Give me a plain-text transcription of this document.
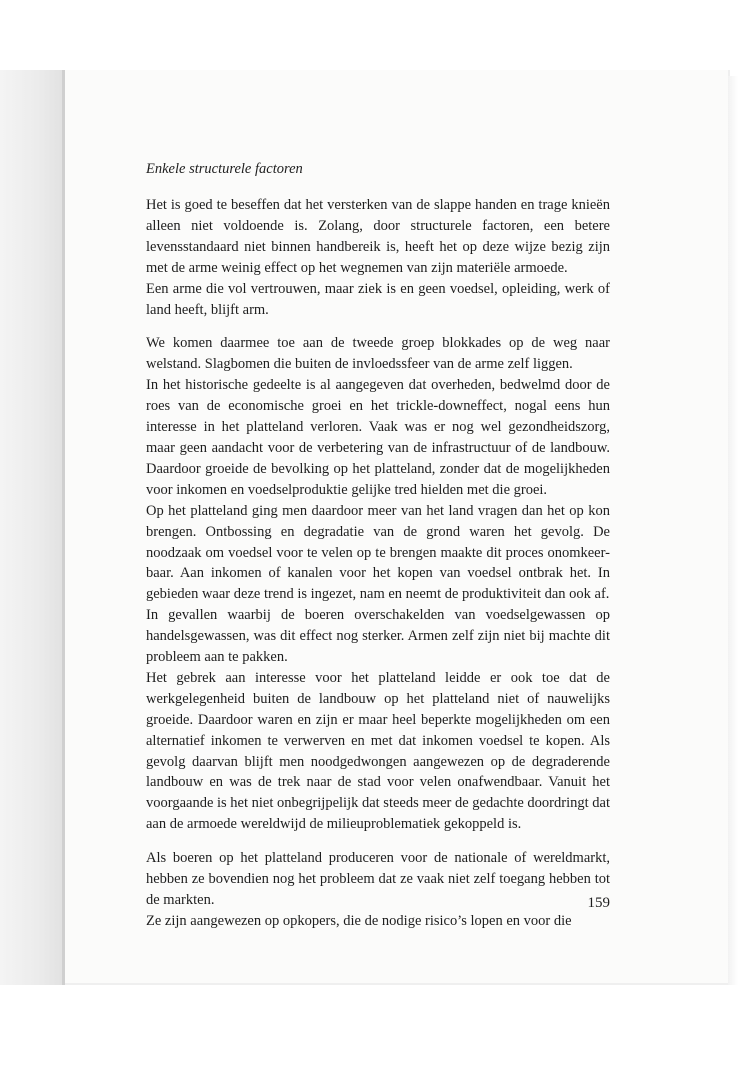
Enkele structurele factoren

Het is goed te beseffen dat het versterken van de slappe handen en trage knieën alleen niet voldoende is. Zolang, door structurele factoren, een betere levensstandaard niet binnen handbereik is, heeft het op deze wijze bezig zijn met de arme weinig effect op het wegnemen van zijn materiële armoede.

Een arme die vol vertrouwen, maar ziek is en geen voedsel, opleiding, werk of land heeft, blijft arm.

We komen daarmee toe aan de tweede groep blokkades op de weg naar welstand. Slagbomen die buiten de invloedssfeer van de arme zelf liggen.

In het historische gedeelte is al aangegeven dat overheden, bedwelmd door de roes van de economische groei en het trickle-downeffect, nogal eens hun interesse in het platteland verloren. Vaak was er nog wel gezondheidszorg, maar geen aandacht voor de verbetering van de infrastructuur of de landbouw. Daardoor groeide de bevolking op het platteland, zonder dat de mogelijkheden voor inkomen en voedselproduktie gelijke tred hielden met die groei.

Op het platteland ging men daardoor meer van het land vragen dan het op kon brengen. Ontbossing en degradatie van de grond waren het gevolg. De noodzaak om voedsel voor te velen op te brengen maakte dit proces onomkeer-baar. Aan inkomen of kanalen voor het kopen van voedsel ontbrak het. In gebieden waar deze trend is ingezet, nam en neemt de produktiviteit dan ook af.

In gevallen waarbij de boeren overschakelden van voedselgewassen op handelsgewassen, was dit effect nog sterker. Armen zelf zijn niet bij machte dit probleem aan te pakken.

Het gebrek aan interesse voor het platteland leidde er ook toe dat de werkgelegenheid buiten de landbouw op het platteland niet of nauwelijks groeide. Daardoor waren en zijn er maar heel beperkte mogelijkheden om een alternatief inkomen te verwerven en met dat inkomen voedsel te kopen. Als gevolg daarvan blijft men noodgedwongen aangewezen op de degraderende landbouw en was de trek naar de stad voor velen onafwendbaar. Vanuit het voorgaande is het niet onbegrijpelijk dat steeds meer de gedachte doordringt dat aan de armoede wereldwijd de milieuproblematiek gekoppeld is.

Als boeren op het platteland produceren voor de nationale of wereldmarkt, hebben ze bovendien nog het probleem dat ze vaak niet zelf toegang hebben tot de markten.

Ze zijn aangewezen op opkopers, die de nodige risico’s lopen en voor die

159
